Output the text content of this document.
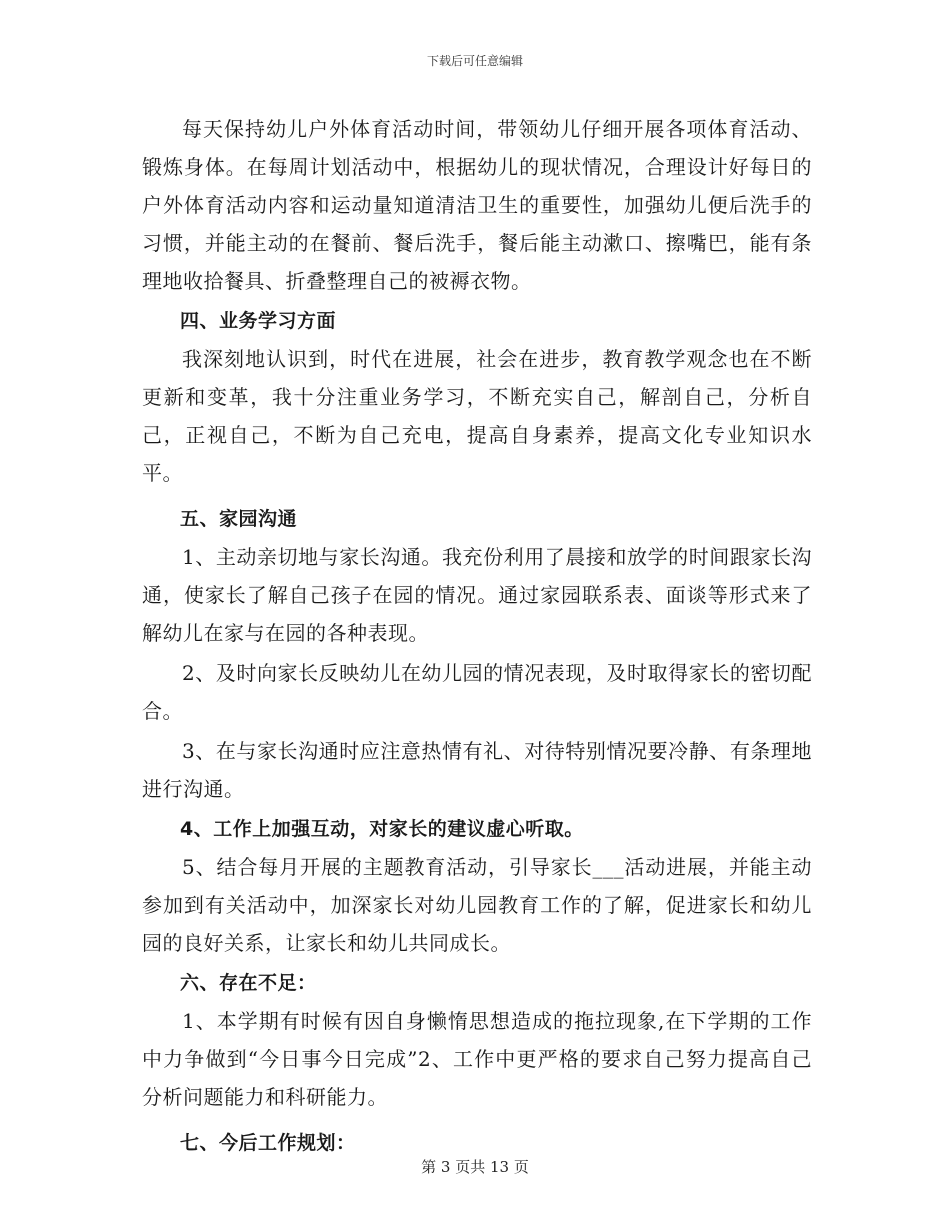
下载后可任意编辑

每天保持幼儿户外体育活动时间，带领幼儿仔细开展各项体育活动、锻炼身体。在每周计划活动中，根据幼儿的现状情况，合理设计好每日的户外体育活动内容和运动量知道清洁卫生的重要性，加强幼儿便后洗手的习惯，并能主动的在餐前、餐后洗手，餐后能主动漱口、擦嘴巴，能有条理地收拾餐具、折叠整理自己的被褥衣物。

四、业务学习方面

我深刻地认识到，时代在进展，社会在进步，教育教学观念也在不断更新和变革，我十分注重业务学习，不断充实自己，解剖自己，分析自己，正视自己，不断为自己充电，提高自身素养，提高文化专业知识水平。

五、家园沟通

1、主动亲切地与家长沟通。我充份利用了晨接和放学的时间跟家长沟通，使家长了解自己孩子在园的情况。通过家园联系表、面谈等形式来了解幼儿在家与在园的各种表现。

2、及时向家长反映幼儿在幼儿园的情况表现，及时取得家长的密切配合。

3、在与家长沟通时应注意热情有礼、对待特别情况要冷静、有条理地进行沟通。

4、工作上加强互动，对家长的建议虚心听取。

5、结合每月开展的主题教育活动，引导家长___活动进展，并能主动参加到有关活动中，加深家长对幼儿园教育工作的了解，促进家长和幼儿园的良好关系，让家长和幼儿共同成长。

六、存在不足：

1、本学期有时候有因自身懒惰思想造成的拖拉现象,在下学期的工作中力争做到“今日事今日完成”2、工作中更严格的要求自己努力提高自己分析问题能力和科研能力。

七、今后工作规划：

第 3 页共 13 页
